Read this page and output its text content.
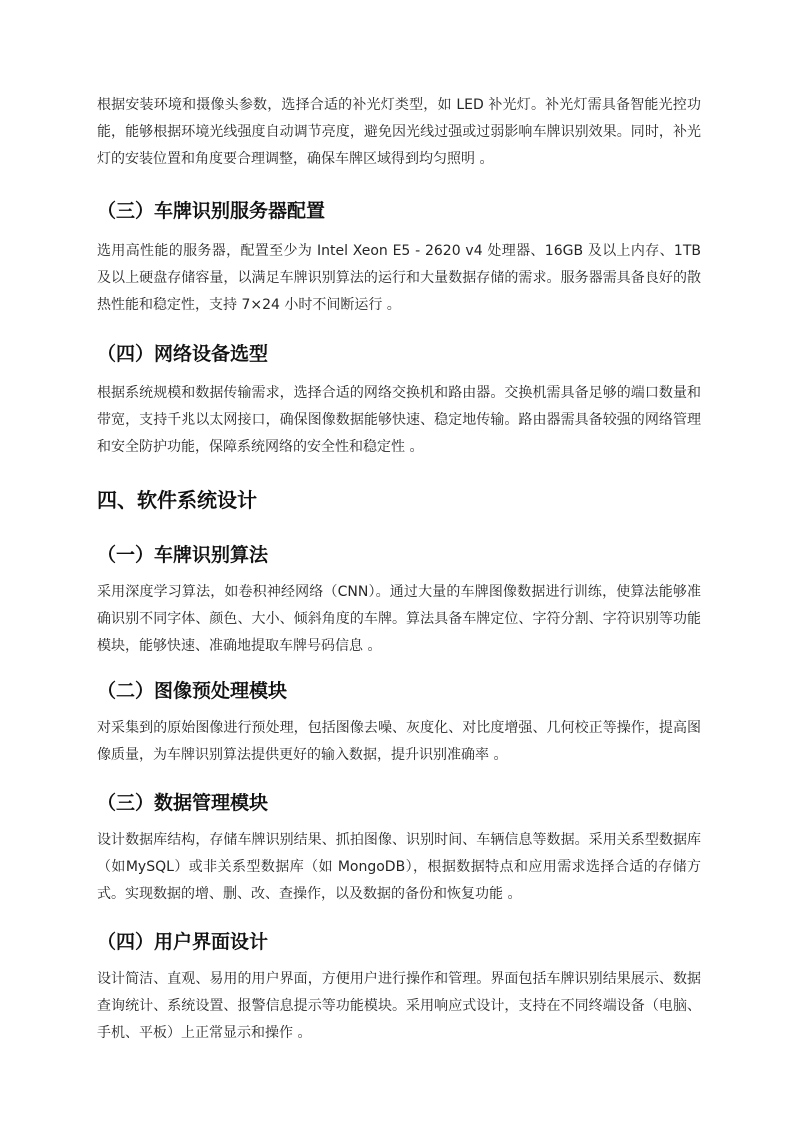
根据安装环境和摄像头参数，选择合适的补光灯类型，如 LED 补光灯。补光灯需具备智能光控功能，能够根据环境光线强度自动调节亮度，避免因光线过强或过弱影响车牌识别效果。同时，补光灯的安装位置和角度要合理调整，确保车牌区域得到均匀照明 。

（三）车牌识别服务器配置

选用高性能的服务器，配置至少为 Intel Xeon E5 - 2620 v4 处理器、16GB 及以上内存、1TB 及以上硬盘存储容量，以满足车牌识别算法的运行和大量数据存储的需求。服务器需具备良好的散热性能和稳定性，支持 7×24 小时不间断运行 。

（四）网络设备选型

根据系统规模和数据传输需求，选择合适的网络交换机和路由器。交换机需具备足够的端口数量和带宽，支持千兆以太网接口，确保图像数据能够快速、稳定地传输。路由器需具备较强的网络管理和安全防护功能，保障系统网络的安全性和稳定性 。

四、软件系统设计
（一）车牌识别算法

采用深度学习算法，如卷积神经网络（CNN）。通过大量的车牌图像数据进行训练，使算法能够准确识别不同字体、颜色、大小、倾斜角度的车牌。算法具备车牌定位、字符分割、字符识别等功能模块，能够快速、准确地提取车牌号码信息 。

（二）图像预处理模块

对采集到的原始图像进行预处理，包括图像去噪、灰度化、对比度增强、几何校正等操作，提高图像质量，为车牌识别算法提供更好的输入数据，提升识别准确率 。

（三）数据管理模块

设计数据库结构，存储车牌识别结果、抓拍图像、识别时间、车辆信息等数据。采用关系型数据库（如MySQL）或非关系型数据库（如 MongoDB），根据数据特点和应用需求选择合适的存储方式。实现数据的增、删、改、查操作，以及数据的备份和恢复功能 。

（四）用户界面设计

设计简洁、直观、易用的用户界面，方便用户进行操作和管理。界面包括车牌识别结果展示、数据查询统计、系统设置、报警信息提示等功能模块。采用响应式设计，支持在不同终端设备（电脑、手机、平板）上正常显示和操作 。
